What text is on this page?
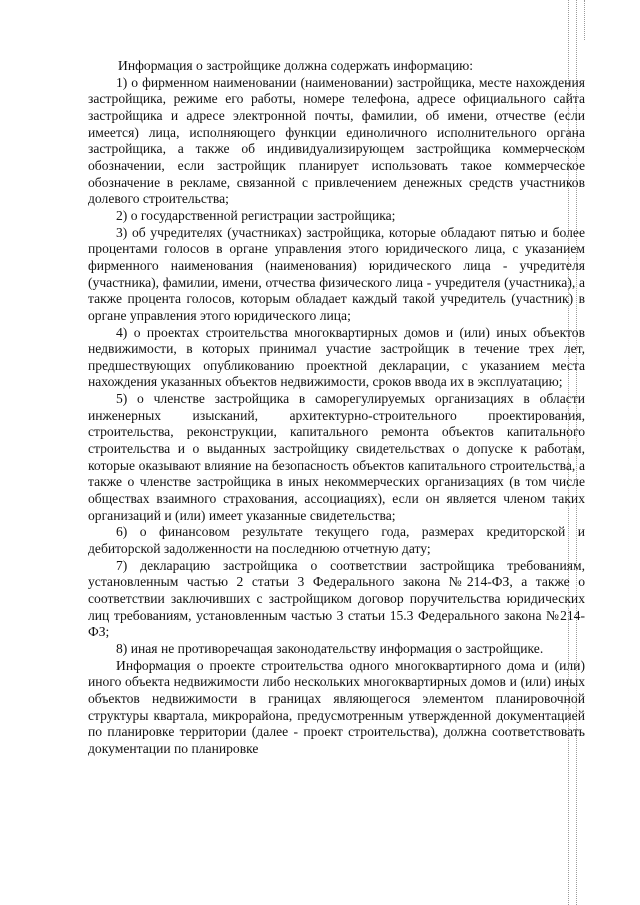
Информация о застройщике должна содержать информацию:

1) о фирменном наименовании (наименовании) застройщика, месте нахождения застройщика, режиме его работы, номере телефона, адресе официального сайта застройщика и адресе электронной почты, фамилии, об имени, отчестве (если имеется) лица, исполняющего функции единоличного исполнительного органа застройщика, а также об индивидуализирующем застройщика коммерческом обозначении, если застройщик планирует использовать такое коммерческое обозначение в рекламе, связанной с привлечением денежных средств участников долевого строительства;

2) о государственной регистрации застройщика;

3) об учредителях (участниках) застройщика, которые обладают пятью и более процентами голосов в органе управления этого юридического лица, с указанием фирменного наименования (наименования) юридического лица - учредителя (участника), фамилии, имени, отчества физического лица - учредителя (участника), а также процента голосов, которым обладает каждый такой учредитель (участник) в органе управления этого юридического лица;

4) о проектах строительства многоквартирных домов и (или) иных объектов недвижимости, в которых принимал участие застройщик в течение трех лет, предшествующих опубликованию проектной декларации, с указанием места нахождения указанных объектов недвижимости, сроков ввода их в эксплуатацию;

5) о членстве застройщика в саморегулируемых организациях в области инженерных изысканий, архитектурно-строительного проектирования, строительства, реконструкции, капитального ремонта объектов капитального строительства и о выданных застройщику свидетельствах о допуске к работам, которые оказывают влияние на безопасность объектов капитального строительства, а также о членстве застройщика в иных некоммерческих организациях (в том числе обществах взаимного страхования, ассоциациях), если он является членом таких организаций и (или) имеет указанные свидетельства;

6) о финансовом результате текущего года, размерах кредиторской и дебиторской задолженности на последнюю отчетную дату;

7) декларацию застройщика о соответствии застройщика требованиям, установленным частью 2 статьи 3 Федерального закона №214-ФЗ, а также о соответствии заключивших с застройщиком договор поручительства юридических лиц требованиям, установленным частью 3 статьи 15.3 Федерального закона №214-ФЗ;

8) иная не противоречащая законодательству информация о застройщике.

Информация о проекте строительства одного многоквартирного дома и (или) иного объекта недвижимости либо нескольких многоквартирных домов и (или) иных объектов недвижимости в границах являющегося элементом планировочной структуры квартала, микрорайона, предусмотренным утвержденной документацией по планировке территории (далее - проект строительства), должна соответствовать документации по планировке
